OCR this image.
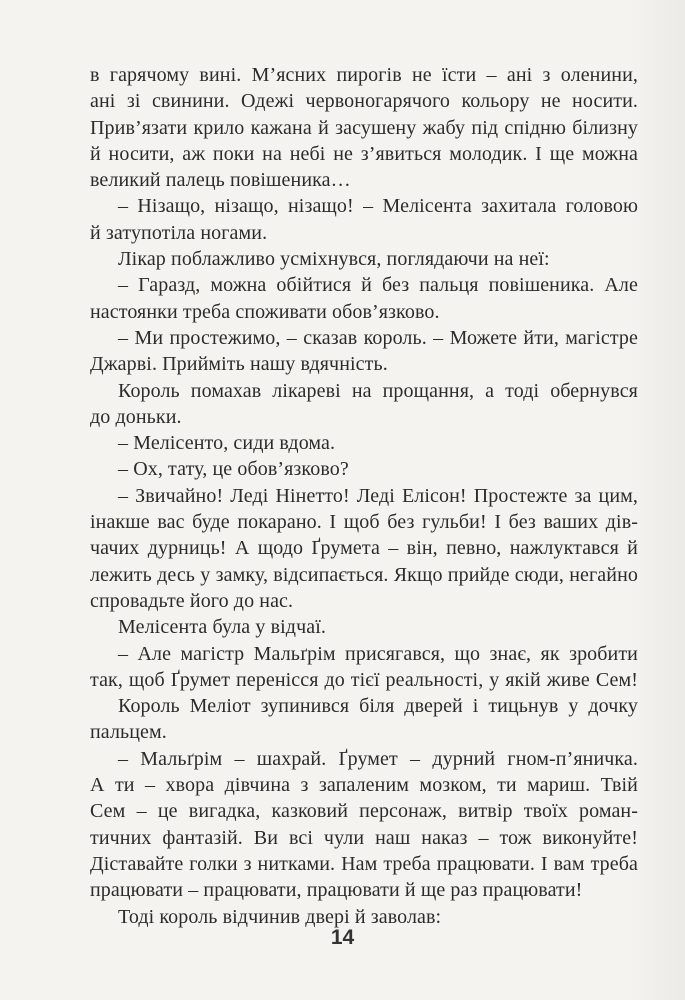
в гарячому вині. М’ясних пирогів не їсти – ані з оленини,
ані зі свинини. Одежі червоногарячого кольору не носити.
Прив’язати крило кажана й засушену жабу під спідню білизну
й носити, аж поки на небі не з’явиться молодик. І ще можна
великий палець повішеника…
– Нізащо, нізащо, нізащо! – Мелісента захитала головою
й затупотіла ногами.
Лікар поблажливо усміхнувся, поглядаючи на неї:
– Гаразд, можна обійтися й без пальця повішеника. Але
настоянки треба споживати обов’язково.
– Ми простежимо, – сказав король. – Можете йти, магістре
Джарві. Прийміть нашу вдячність.
Король помахав лікареві на прощання, а тоді обернувся
до доньки.
– Мелісенто, сиди вдома.
– Ох, тату, це обов’язково?
– Звичайно! Леді Нінетто! Леді Елісон! Простежте за цим,
інакше вас буде покарано. І щоб без гульби! І без ваших дів-
чачих дурниць! А щодо Ґрумета – він, певно, нажлуктався й
лежить десь у замку, відсипається. Якщо прийде сюди, негайно
спровадьте його до нас.
Мелісента була у відчаї.
– Але магістр Мальґрім присягався, що знає, як зробити
так, щоб Ґрумет перенісся до тієї реальності, у якій живе Сем!
Король Меліот зупинився біля дверей і тицьнув у дочку
пальцем.
– Мальґрім – шахрай. Ґрумет – дурний гном-п’яничка.
А ти – хвора дівчина з запаленим мозком, ти мариш. Твій
Сем – це вигадка, казковий персонаж, витвір твоїх роман-
тичних фантазій. Ви всі чули наш наказ – тож виконуйте!
Діставайте голки з нитками. Нам треба працювати. І вам треба
працювати – працювати, працювати й ще раз працювати!
Тоді король відчинив двері й заволав:
14
